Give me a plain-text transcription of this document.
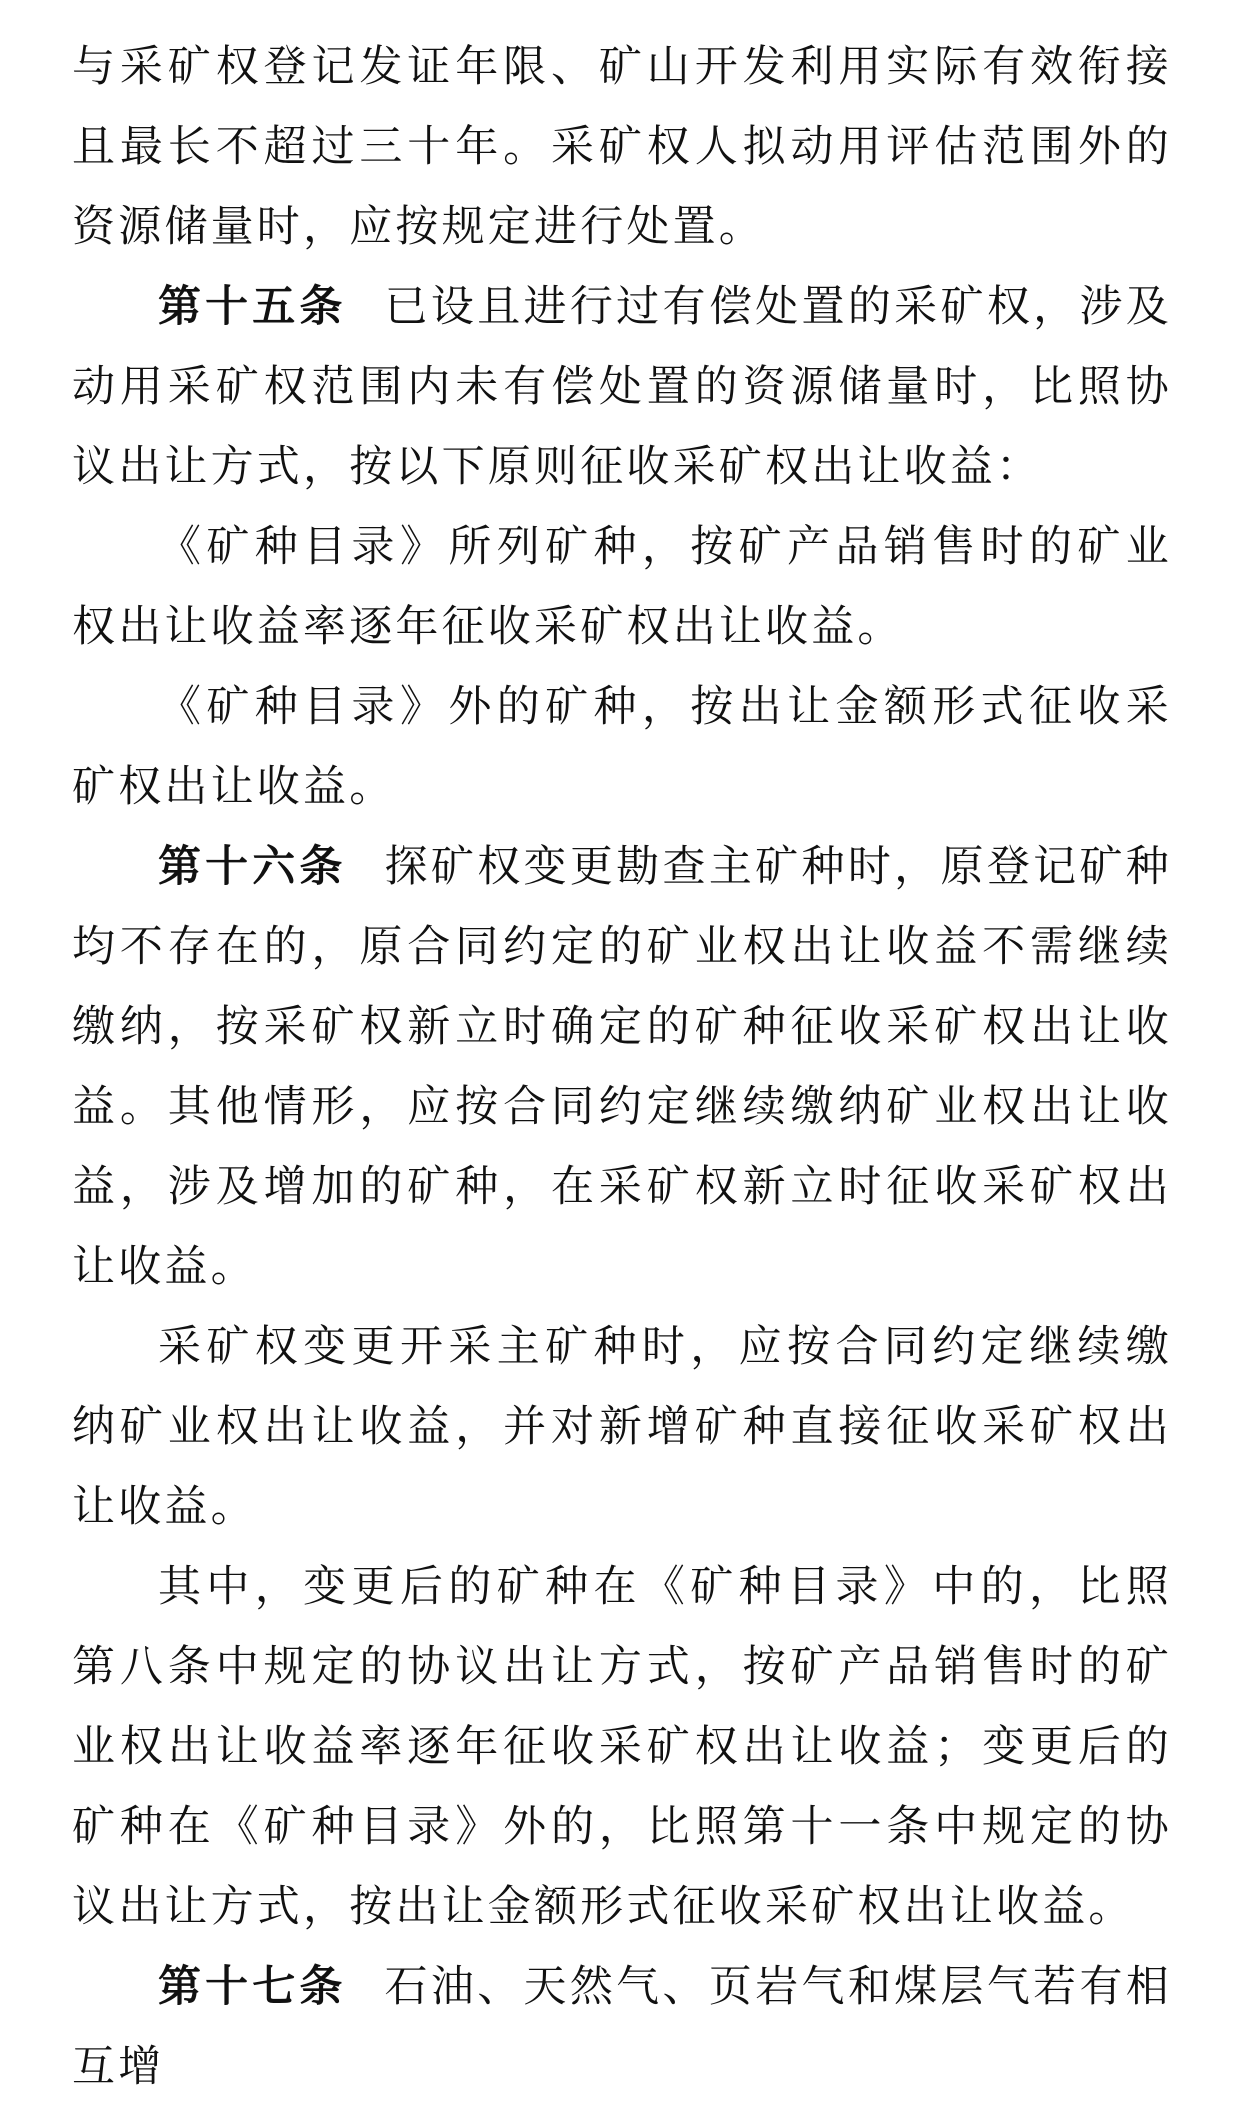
与采矿权登记发证年限、矿山开发利用实际有效衔接且最长不超过三十年。采矿权人拟动用评估范围外的资源储量时，应按规定进行处置。

第十五条 已设且进行过有偿处置的采矿权，涉及动用采矿权范围内未有偿处置的资源储量时，比照协议出让方式，按以下原则征收采矿权出让收益：

《矿种目录》所列矿种，按矿产品销售时的矿业权出让收益率逐年征收采矿权出让收益。

《矿种目录》外的矿种，按出让金额形式征收采矿权出让收益。

第十六条 探矿权变更勘查主矿种时，原登记矿种均不存在的，原合同约定的矿业权出让收益不需继续缴纳，按采矿权新立时确定的矿种征收采矿权出让收益。其他情形，应按合同约定继续缴纳矿业权出让收益，涉及增加的矿种，在采矿权新立时征收采矿权出让收益。

采矿权变更开采主矿种时，应按合同约定继续缴纳矿业权出让收益，并对新增矿种直接征收采矿权出让收益。

其中，变更后的矿种在《矿种目录》中的，比照第八条中规定的协议出让方式，按矿产品销售时的矿业权出让收益率逐年征收采矿权出让收益；变更后的矿种在《矿种目录》外的，比照第十一条中规定的协议出让方式，按出让金额形式征收采矿权出让收益。

第十七条 石油、天然气、页岩气和煤层气若有相互增
